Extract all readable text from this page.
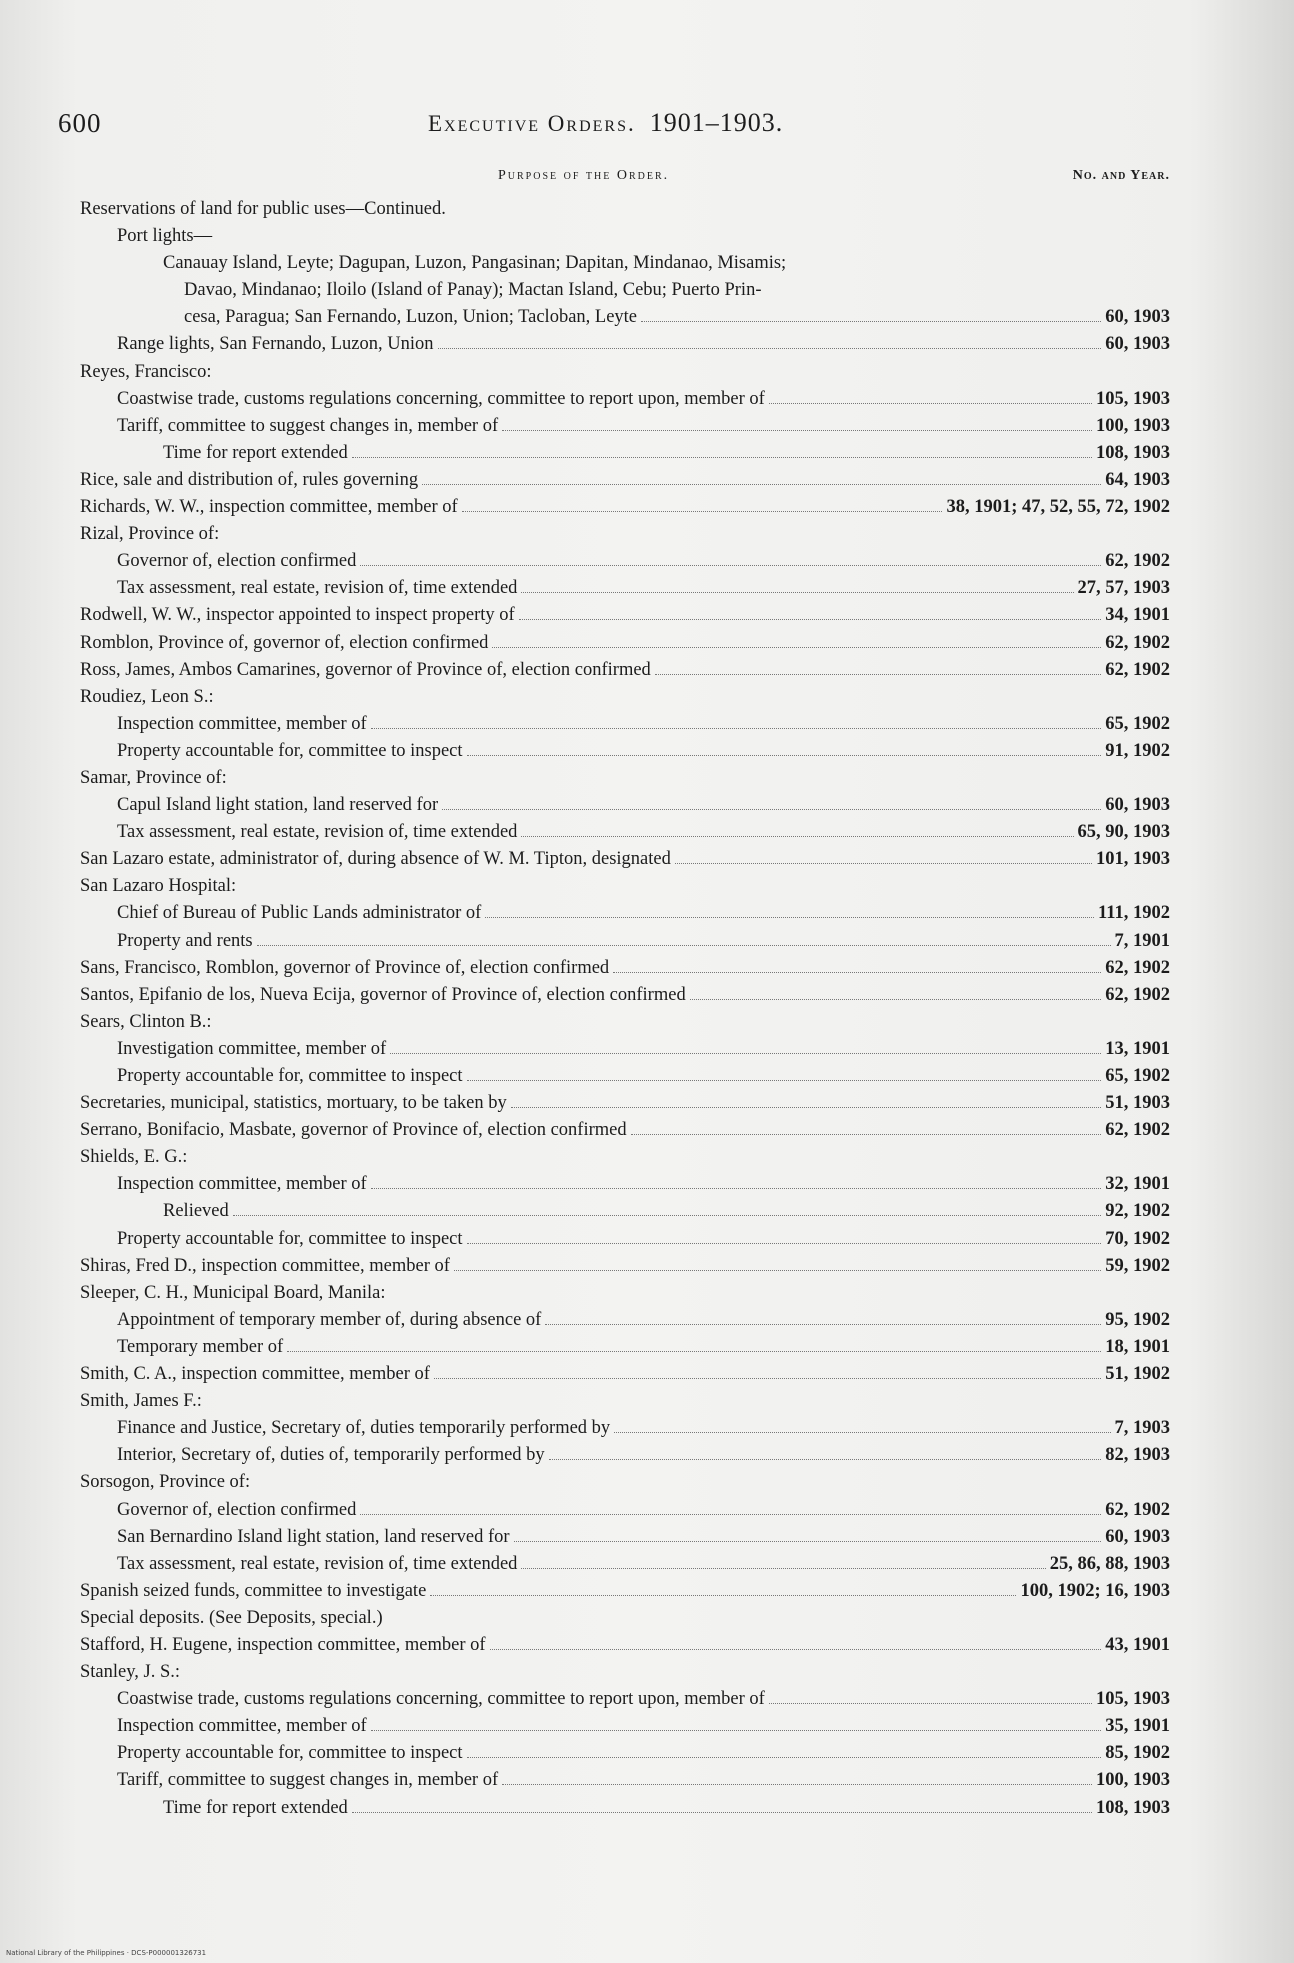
600	Executive Orders. 1901–1903.
Purpose of the Order.	No. and Year.
Reservations of land for public uses—Continued.
Port lights—
Canauay Island, Leyte; Dagupan, Luzon, Pangasinan; Dapitan, Mindanao, Misamis;
Davao, Mindanao; Iloilo (Island of Panay); Mactan Island, Cebu; Puerto Prin-
cesa, Paragua; San Fernando, Luzon, Union; Tacloban, Leyte	60, 1903
Range lights, San Fernando, Luzon, Union	60, 1903
Reyes, Francisco:
Coastwise trade, customs regulations concerning, committee to report upon, member of	105, 1903
Tariff, committee to suggest changes in, member of	100, 1903
Time for report extended	108, 1903
Rice, sale and distribution of, rules governing	64, 1903
Richards, W. W., inspection committee, member of	38, 1901; 47, 52, 55, 72, 1902
Rizal, Province of:
Governor of, election confirmed	62, 1902
Tax assessment, real estate, revision of, time extended	27, 57, 1903
Rodwell, W. W., inspector appointed to inspect property of	34, 1901
Romblon, Province of, governor of, election confirmed	62, 1902
Ross, James, Ambos Camarines, governor of Province of, election confirmed	62, 1902
Roudiez, Leon S.:
Inspection committee, member of	65, 1902
Property accountable for, committee to inspect	91, 1902
Samar, Province of:
Capul Island light station, land reserved for	60, 1903
Tax assessment, real estate, revision of, time extended	65, 90, 1903
San Lazaro estate, administrator of, during absence of W. M. Tipton, designated	101, 1903
San Lazaro Hospital:
Chief of Bureau of Public Lands administrator of	111, 1902
Property and rents	7, 1901
Sans, Francisco, Romblon, governor of Province of, election confirmed	62, 1902
Santos, Epifanio de los, Nueva Ecija, governor of Province of, election confirmed	62, 1902
Sears, Clinton B.:
Investigation committee, member of	13, 1901
Property accountable for, committee to inspect	65, 1902
Secretaries, municipal, statistics, mortuary, to be taken by	51, 1903
Serrano, Bonifacio, Masbate, governor of Province of, election confirmed	62, 1902
Shields, E. G.:
Inspection committee, member of	32, 1901
Relieved	92, 1902
Property accountable for, committee to inspect	70, 1902
Shiras, Fred D., inspection committee, member of	59, 1902
Sleeper, C. H., Municipal Board, Manila:
Appointment of temporary member of, during absence of	95, 1902
Temporary member of	18, 1901
Smith, C. A., inspection committee, member of	51, 1902
Smith, James F.:
Finance and Justice, Secretary of, duties temporarily performed by	7, 1903
Interior, Secretary of, duties of, temporarily performed by	82, 1903
Sorsogon, Province of:
Governor of, election confirmed	62, 1902
San Bernardino Island light station, land reserved for	60, 1903
Tax assessment, real estate, revision of, time extended	25, 86, 88, 1903
Spanish seized funds, committee to investigate	100, 1902; 16, 1903
Special deposits. (See Deposits, special.)
Stafford, H. Eugene, inspection committee, member of	43, 1901
Stanley, J. S.:
Coastwise trade, customs regulations concerning, committee to report upon, member of	105, 1903
Inspection committee, member of	35, 1901
Property accountable for, committee to inspect	85, 1902
Tariff, committee to suggest changes in, member of	100, 1903
Time for report extended	108, 1903
National Library of the Philippines · DCS-P000001326731
